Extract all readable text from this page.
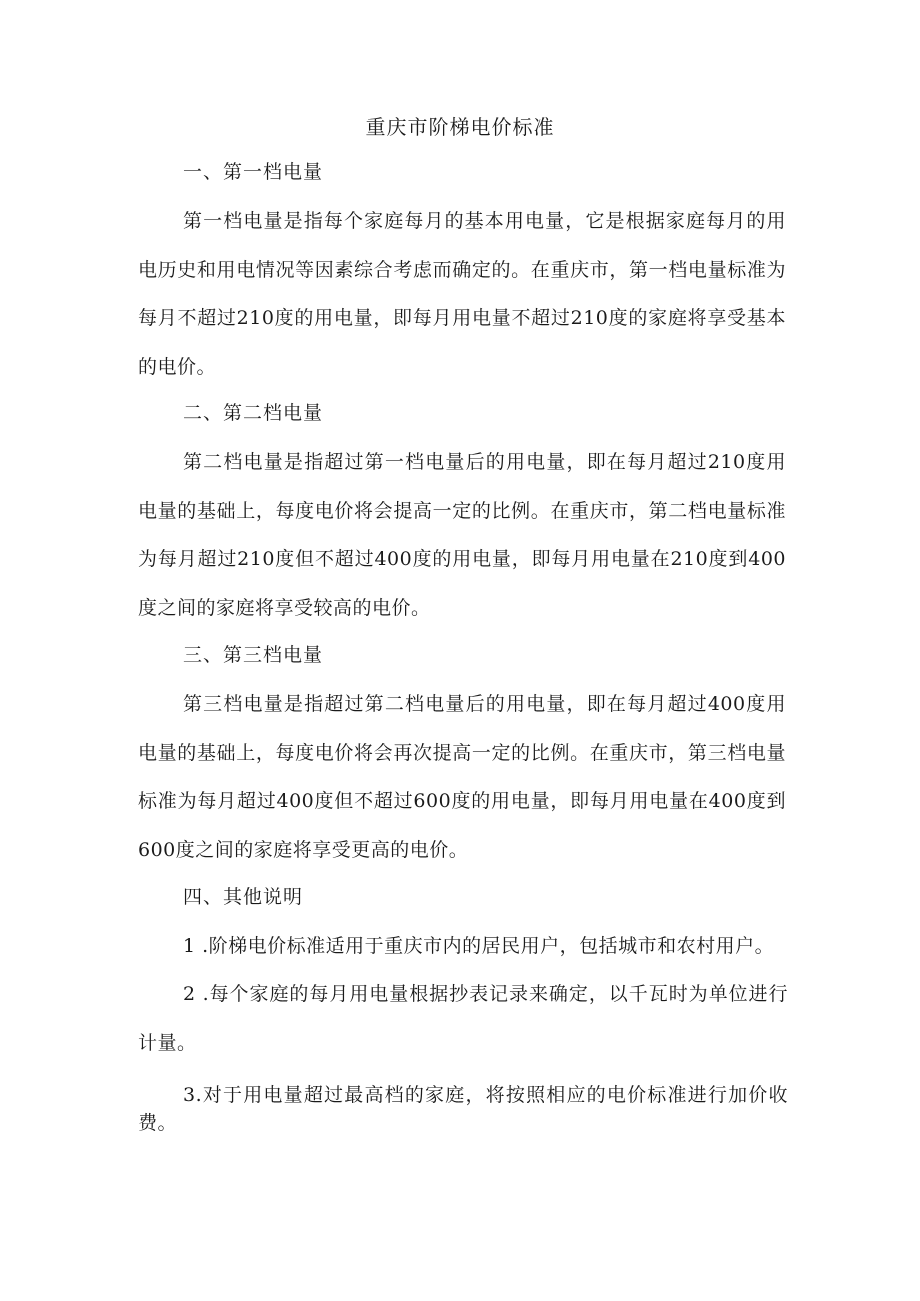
重庆市阶梯电价标准
一、第一档电量

第一档电量是指每个家庭每月的基本用电量，它是根据家庭每月的用电历史和用电情况等因素综合考虑而确定的。在重庆市，第一档电量标准为每月不超过210度的用电量，即每月用电量不超过210度的家庭将享受基本的电价。

二、第二档电量

第二档电量是指超过第一档电量后的用电量，即在每月超过210度用电量的基础上，每度电价将会提高一定的比例。在重庆市，第二档电量标准为每月超过210度但不超过400度的用电量，即每月用电量在210度到400度之间的家庭将享受较高的电价。

三、第三档电量

第三档电量是指超过第二档电量后的用电量，即在每月超过400度用电量的基础上，每度电价将会再次提高一定的比例。在重庆市，第三档电量标准为每月超过400度但不超过600度的用电量，即每月用电量在400度到600度之间的家庭将享受更高的电价。

四、其他说明

1 .阶梯电价标准适用于重庆市内的居民用户，包括城市和农村用户。

2 .每个家庭的每月用电量根据抄表记录来确定，以千瓦时为单位进行计量。

3.对于用电量超过最高档的家庭，将按照相应的电价标准进行加价收费。
